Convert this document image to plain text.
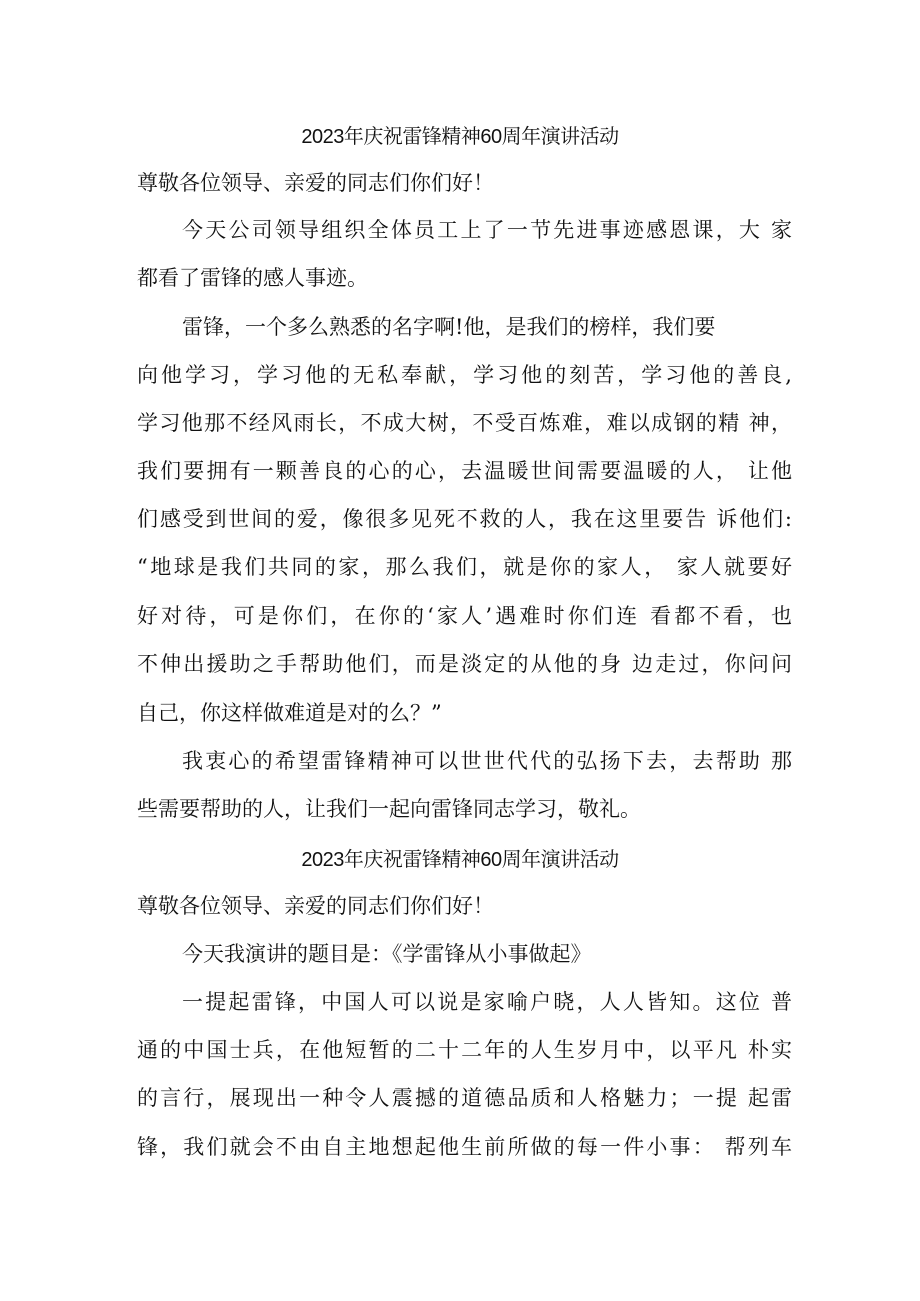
2023年庆祝雷锋精神60周年演讲活动
尊敬各位领导、亲爱的同志们你们好！
今天公司领导组织全体员工上了一节先进事迹感恩课，大 家
都看了雷锋的感人事迹。
雷锋，一个多么熟悉的名字啊!他，是我们的榜样，我们要
向他学习，学习他的无私奉献，学习他的刻苦，学习他的善良,
学习他那不经风雨长，不成大树，不受百炼难，难以成钢的精 神，
我们要拥有一颗善良的心的心，去温暖世间需要温暖的人， 让他
们感受到世间的爱，像很多见死不救的人，我在这里要告 诉他们:
“地球是我们共同的家，那么我们，就是你的家人， 家人就要好
好对待，可是你们，在你的‘家人’遇难时你们连 看都不看，也
不伸出援助之手帮助他们，而是淡定的从他的身 边走过，你问问
自己，你这样做难道是对的么？”
我衷心的希望雷锋精神可以世世代代的弘扬下去，去帮助 那
些需要帮助的人，让我们一起向雷锋同志学习，敬礼。
2023年庆祝雷锋精神60周年演讲活动
尊敬各位领导、亲爱的同志们你们好！
今天我演讲的题目是：《学雷锋从小事做起》
一提起雷锋，中国人可以说是家喻户晓，人人皆知。这位 普
通的中国士兵，在他短暂的二十二年的人生岁月中，以平凡 朴实
的言行，展现出一种令人震撼的道德品质和人格魅力；一提 起雷
锋，我们就会不由自主地想起他生前所做的每一件小事： 帮列车
